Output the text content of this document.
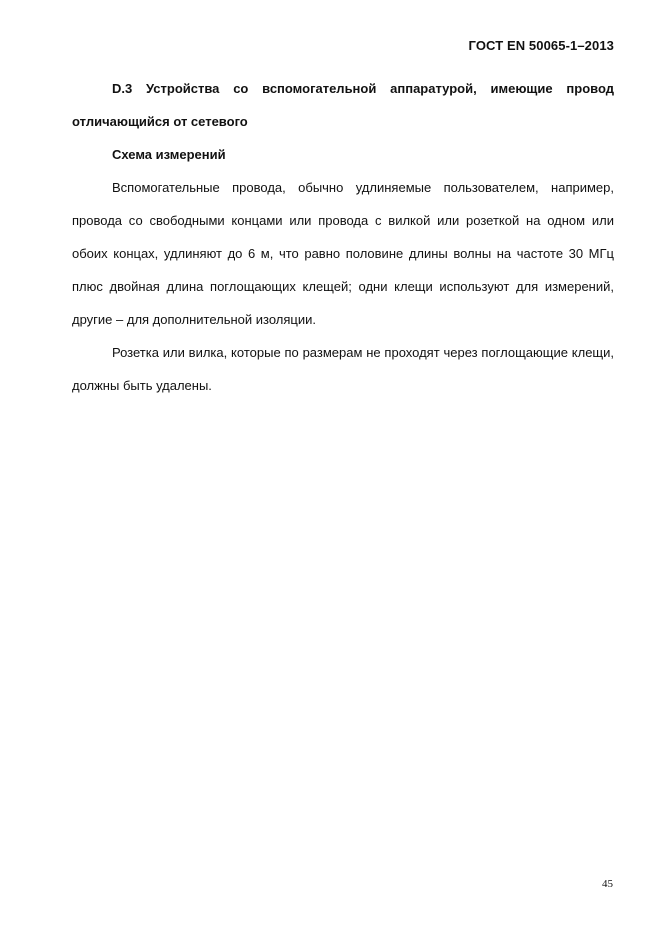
ГОСТ EN 50065-1–2013

D.3 Устройства со вспомогательной аппаратурой, имеющие провод отличающийся от сетевого

Схема измерений

Вспомогательные провода, обычно удлиняемые пользователем, например, провода со свободными концами или провода с вилкой или розеткой на одном или обоих концах, удлиняют до 6 м, что равно половине длины волны на частоте 30 МГц плюс двойная длина поглощающих клещей; одни клещи используют для измерений, другие – для дополнительной изоляции.

Розетка или вилка, которые по размерам не проходят через поглощающие клещи, должны быть удалены.

45
